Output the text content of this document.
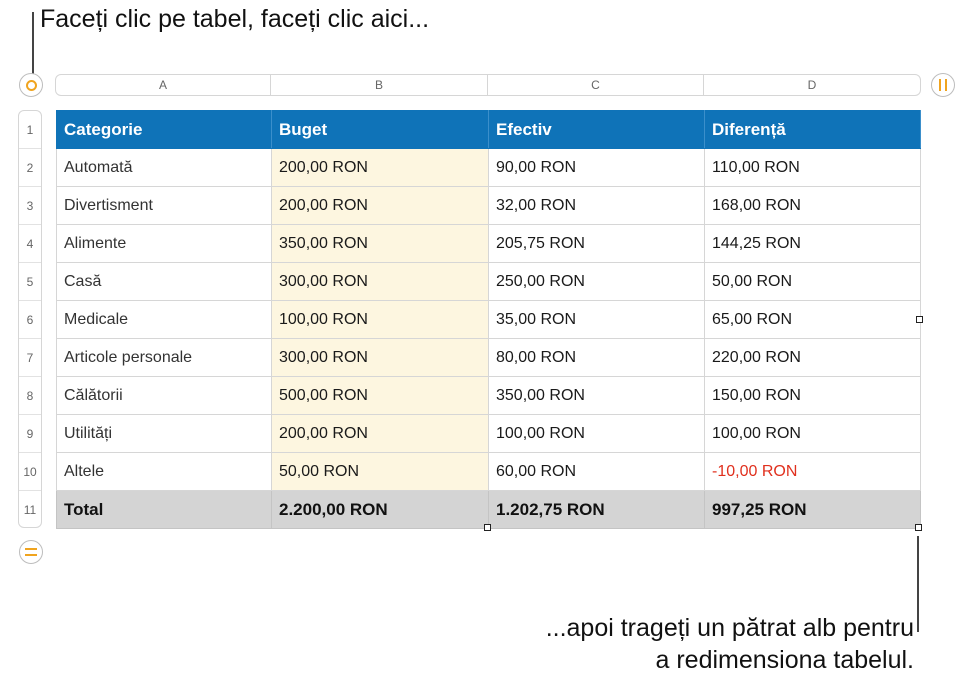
Faceți clic pe tabel, faceți clic aici...
A	B	C	D
1
2
3
4
5
6
7
8
9
10
11
Categorie	Buget	Efectiv	Diferență
Automată	200,00 RON	90,00 RON	110,00 RON
Divertisment	200,00 RON	32,00 RON	168,00 RON
Alimente	350,00 RON	205,75 RON	144,25 RON
Casă	300,00 RON	250,00 RON	50,00 RON
Medicale	100,00 RON	35,00 RON	65,00 RON
Articole personale	300,00 RON	80,00 RON	220,00 RON
Călătorii	500,00 RON	350,00 RON	150,00 RON
Utilități	200,00 RON	100,00 RON	100,00 RON
Altele	50,00 RON	60,00 RON	-10,00 RON
Total	2.200,00 RON	1.202,75 RON	997,25 RON
...apoi trageți un pătrat alb pentru
a redimensiona tabelul.
